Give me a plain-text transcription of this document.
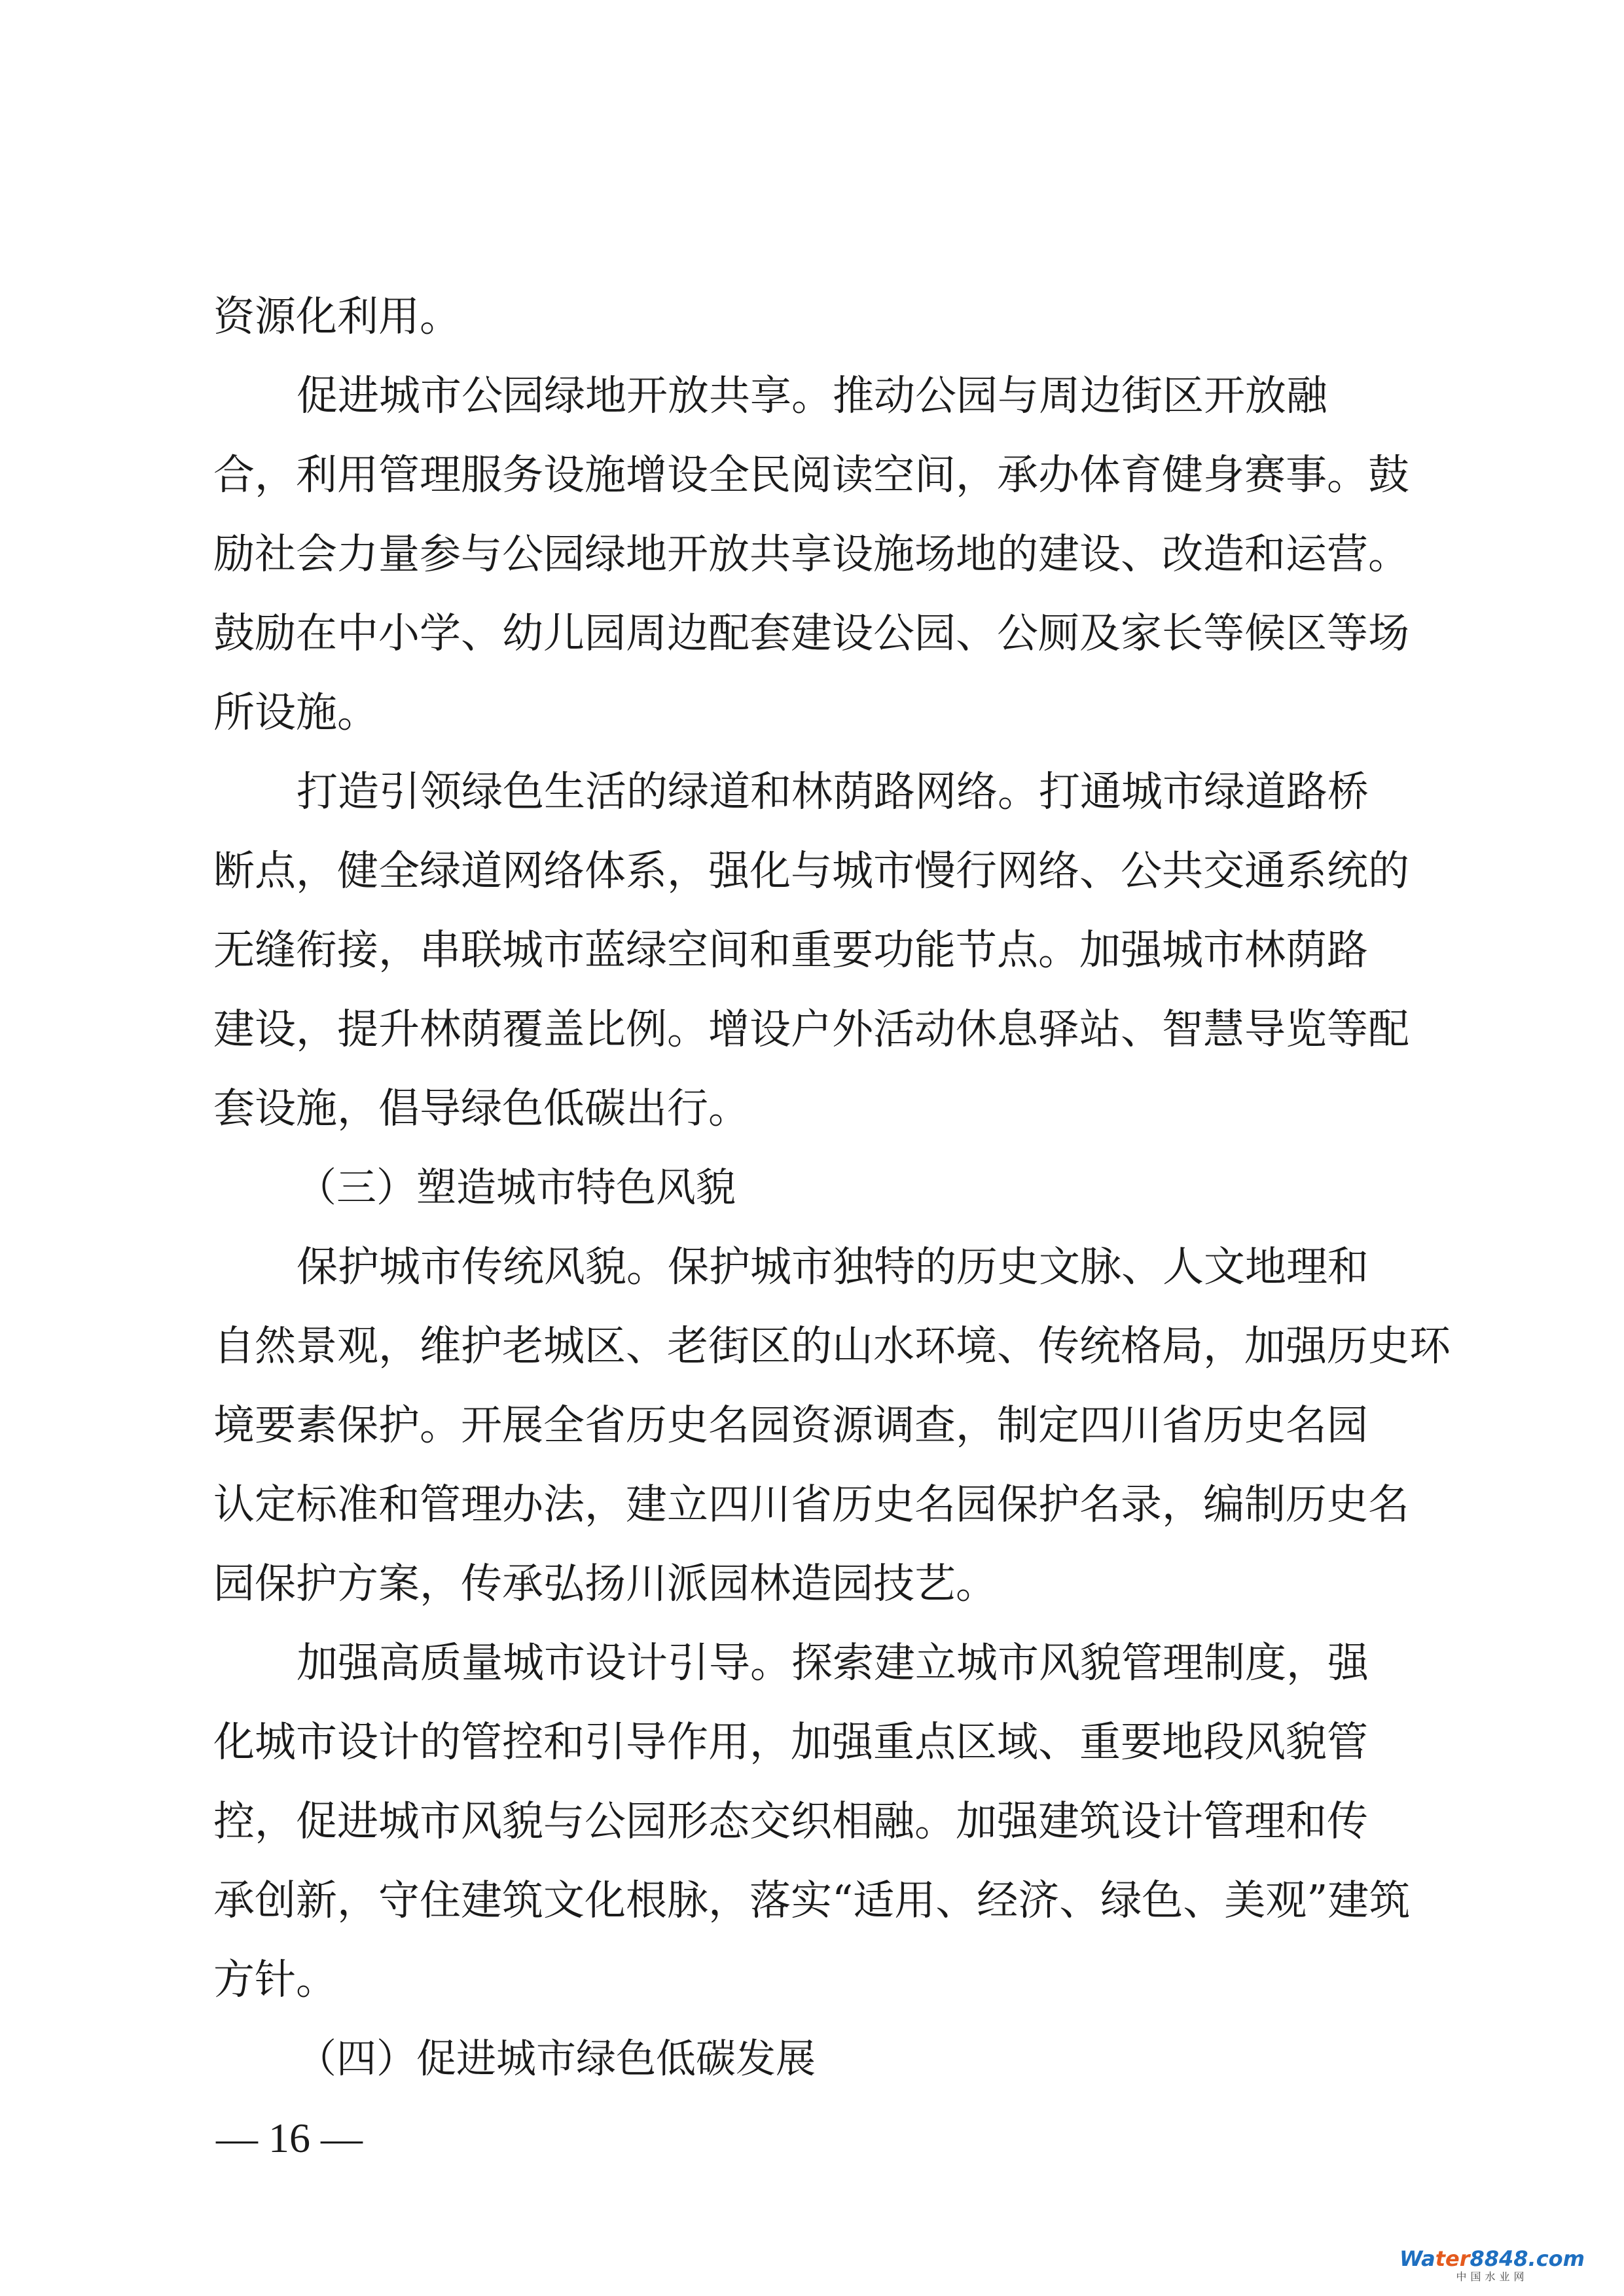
资源化利用。
促进城市公园绿地开放共享。推动公园与周边街区开放融
合，利用管理服务设施增设全民阅读空间，承办体育健身赛事。鼓
励社会力量参与公园绿地开放共享设施场地的建设、改造和运营。
鼓励在中小学、幼儿园周边配套建设公园、公厕及家长等候区等场
所设施。
打造引领绿色生活的绿道和林荫路网络。打通城市绿道路桥
断点，健全绿道网络体系，强化与城市慢行网络、公共交通系统的
无缝衔接，串联城市蓝绿空间和重要功能节点。加强城市林荫路
建设，提升林荫覆盖比例。增设户外活动休息驿站、智慧导览等配
套设施，倡导绿色低碳出行。
（三）塑造城市特色风貌
保护城市传统风貌。保护城市独特的历史文脉、人文地理和
自然景观，维护老城区、老街区的山水环境、传统格局，加强历史环
境要素保护。开展全省历史名园资源调查，制定四川省历史名园
认定标准和管理办法，建立四川省历史名园保护名录，编制历史名
园保护方案，传承弘扬川派园林造园技艺。
加强高质量城市设计引导。探索建立城市风貌管理制度，强
化城市设计的管控和引导作用，加强重点区域、重要地段风貌管
控，促进城市风貌与公园形态交织相融。加强建筑设计管理和传
承创新，守住建筑文化根脉，落实“适用、经济、绿色、美观”建筑
方针。
（四）促进城市绿色低碳发展
— 16 —
Water8848.com
中国水业网
